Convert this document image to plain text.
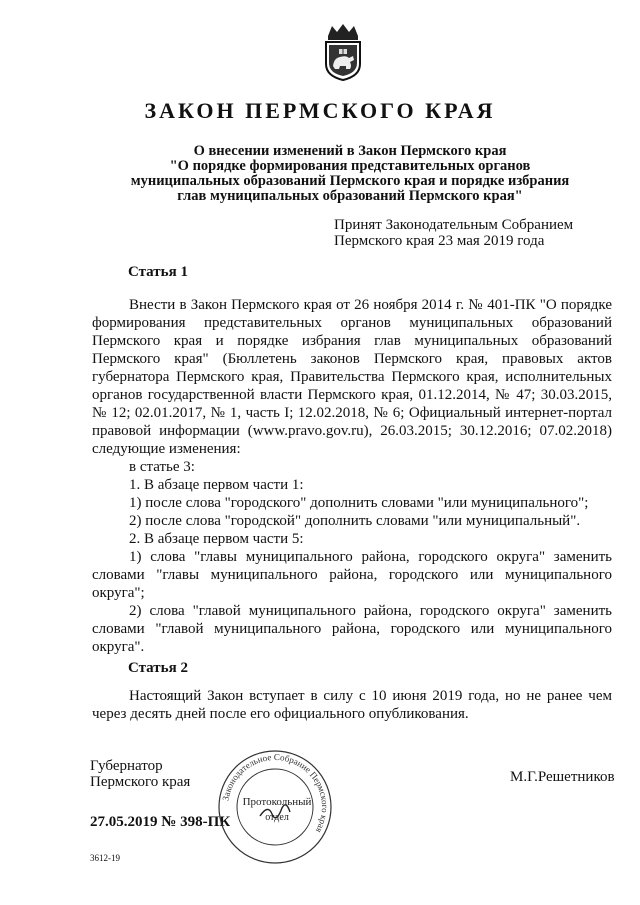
ЗАКОН ПЕРМСКОГО КРАЯ
О внесении изменений в Закон Пермского края
"О порядке формирования представительных органов
муниципальных образований Пермского края и порядке избрания
глав муниципальных образований Пермского края"
Принят Законодательным Собранием
Пермского края 23 мая 2019 года
Статья 1

Внести в Закон Пермского края от 26 ноября 2014 г. № 401-ПК "О порядке формирования представительных органов муниципальных образований Пермского края и порядке избрания глав муниципальных образований Пермского края" (Бюллетень законов Пермского края, правовых актов губернатора Пермского края, Правительства Пермского края, исполнительных органов государственной власти Пермского края, 01.12.2014, № 47; 30.03.2015, № 12; 02.01.2017, № 1, часть I; 12.02.2018, № 6; Официальный интернет-портал правовой информации (www.pravo.gov.ru), 26.03.2015; 30.12.2016; 07.02.2018) следующие изменения:

в статье 3:

1. В абзаце первом части 1:

1) после слова "городского" дополнить словами "или муниципального";

2) после слова "городской" дополнить словами "или муниципальный".

2. В абзаце первом части 5:

1) слова "главы муниципального района, городского округа" заменить словами "главы муниципального района, городского или муниципального округа";

2) слова "главой муниципального района, городского округа" заменить словами "главой муниципального района, городского или муниципального округа".

Статья 2

Настоящий Закон вступает в силу с 10 июня 2019 года, но не ранее чем через десять дней после его официального опубликования.

Губернатор
Пермского края	М.Г.Решетников
27.05.2019 № 398-ПК
3612-19
Законодательное Собрание Пермского края
Протокольный
отдел
